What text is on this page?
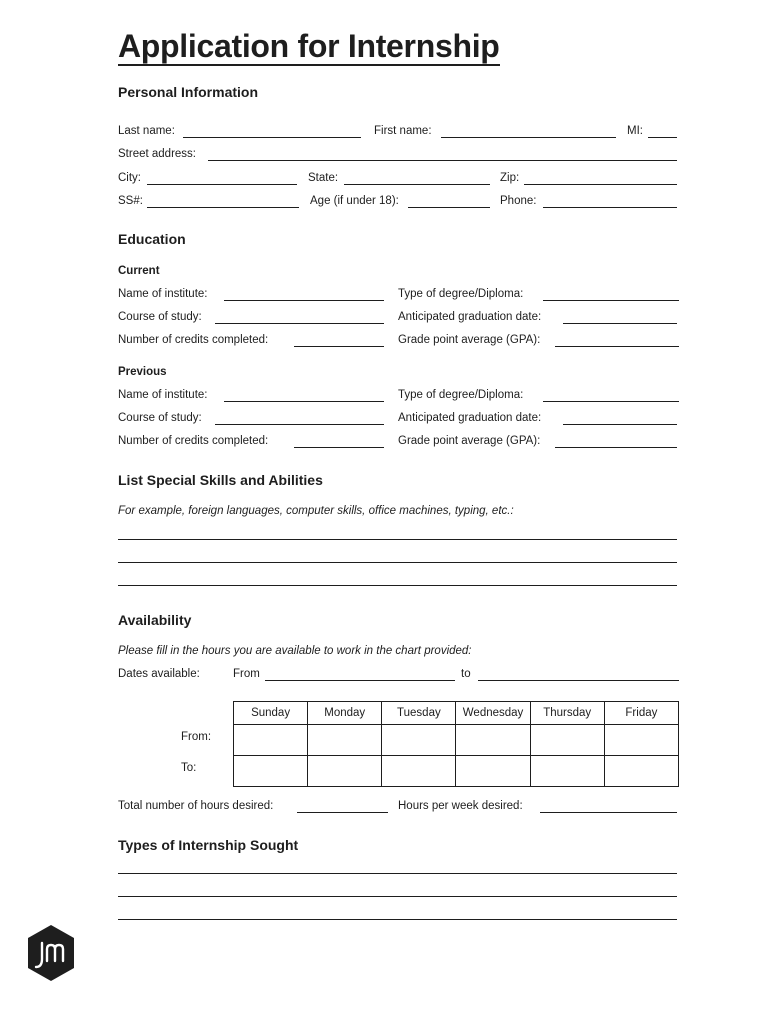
Application for Internship
Personal Information
Last name:	First name:	MI:
Street address:
City:	State:	Zip:
SS#:	Age (if under 18):	Phone:
Education
Current
Name of institute:	Type of degree/Diploma:
Course of study:	Anticipated graduation date:
Number of credits completed:	Grade point average (GPA):
Previous
Name of institute:	Type of degree/Diploma:
Course of study:	Anticipated graduation date:
Number of credits completed:	Grade point average (GPA):
List Special Skills and Abilities
For example, foreign languages, computer skills, office machines, typing, etc.:
Availability
Please fill in the hours you are available to work in the chart provided:
Dates available:	From	to
Sunday	Monday	Tuesday	Wednesday	Thursday	Friday

From:
To:
Total number of hours desired:	Hours per week desired:
Types of Internship Sought
